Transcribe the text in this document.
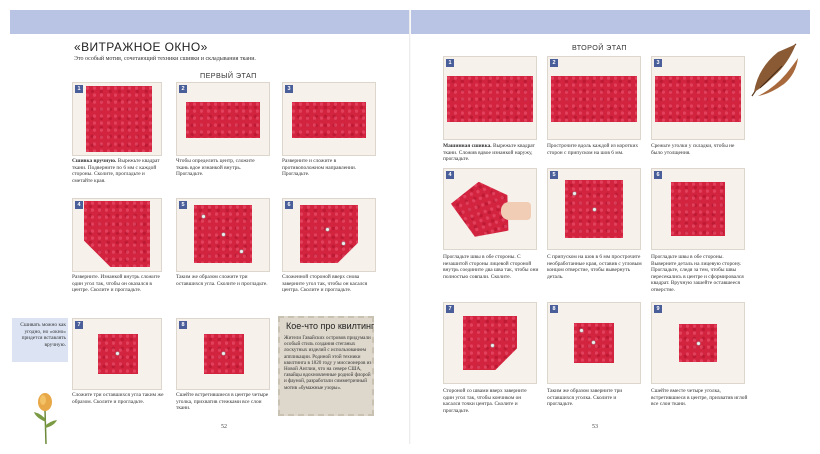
«ВИТРАЖНОЕ ОКНО»
Это особый мотив, сочетающий техники сшивки и складывания ткани.
ПЕРВЫЙ ЭТАП
1
Сшивка вручную. Вырежьте квадрат ткани. Подверните по 6 мм с каждой стороны. Сколите, прогладьте и сметайте края.
2
Чтобы определить центр, сложите ткань вдое изнанкой внутрь. Прогладьте.
3
Разверните и сложите в противоположном направлении. Прогладьте.
4
Разверните. Изнанкой внутрь сложите один угол так, чтобы он оказался в центре. Сколите и прогладьте.
5
Таким же образом сложите три оставшихся угла. Сколите и прогладьте.
6
Сложенной стороной вверх снова заверните угол так, чтобы он касался центра. Сколите и прогладьте.
Сшивать можно как угодно, но «окно» придется вставлять вручную.
7
Сложите три оставшихся угла таким же образом. Сколите и прогладьте.
8
Сшейте встретившиеся в центре четыре уголка, прихватив стежками все слои ткани.
Кое-что про квилтинг
Жители Гавайских островов придумали особый стиль создания стеганых лоскутных изделий с использованием аппликации. Родиной этой техники квилтинга в 1820 году у миссионеров из Новой Англии, что на севере США, гавайцы вдохновленные родной флорой и фауной, разработали симметричный мотив «бумажные узоры».
52
ВТОРОЙ ЭТАП
1
Машинная сшивка. Вырежьте квадрат ткани. Сложив вдвое изнанкой наружу, прогладьте.
2
Прострочите вдоль каждой из коротких сторон с припуском на шов 6 мм.
3
Срежьте уголки у складки, чтобы не было утолщения.
4
Прогладьте швы в обе стороны. С незашитой стороны лицевой стороной внутрь соедините два шва так, чтобы они полностью совпали. Сколите.
5
С припуском на шов в 6 мм прострочите необработанные края, оставив с угловым концом отверстие, чтобы вывернуть деталь.
6
Прогладьте швы в обе стороны. Выверните деталь на лицевую сторону. Прогладьте, следя за тем, чтобы швы пересекались в центре и сформировался квадрат. Вручную зашейте оставшееся отверстие.
7
Стороной со швами вверх заверните один угол так, чтобы кончиком он касался точки центра. Сколите и прогладьте.
8
Таким же образом заверните три оставшихся уголка. Сколите и прогладьте.
9
Сшейте вместе четыре уголка, встретившиеся в центре, прихватив иглой все слои ткани.
53
